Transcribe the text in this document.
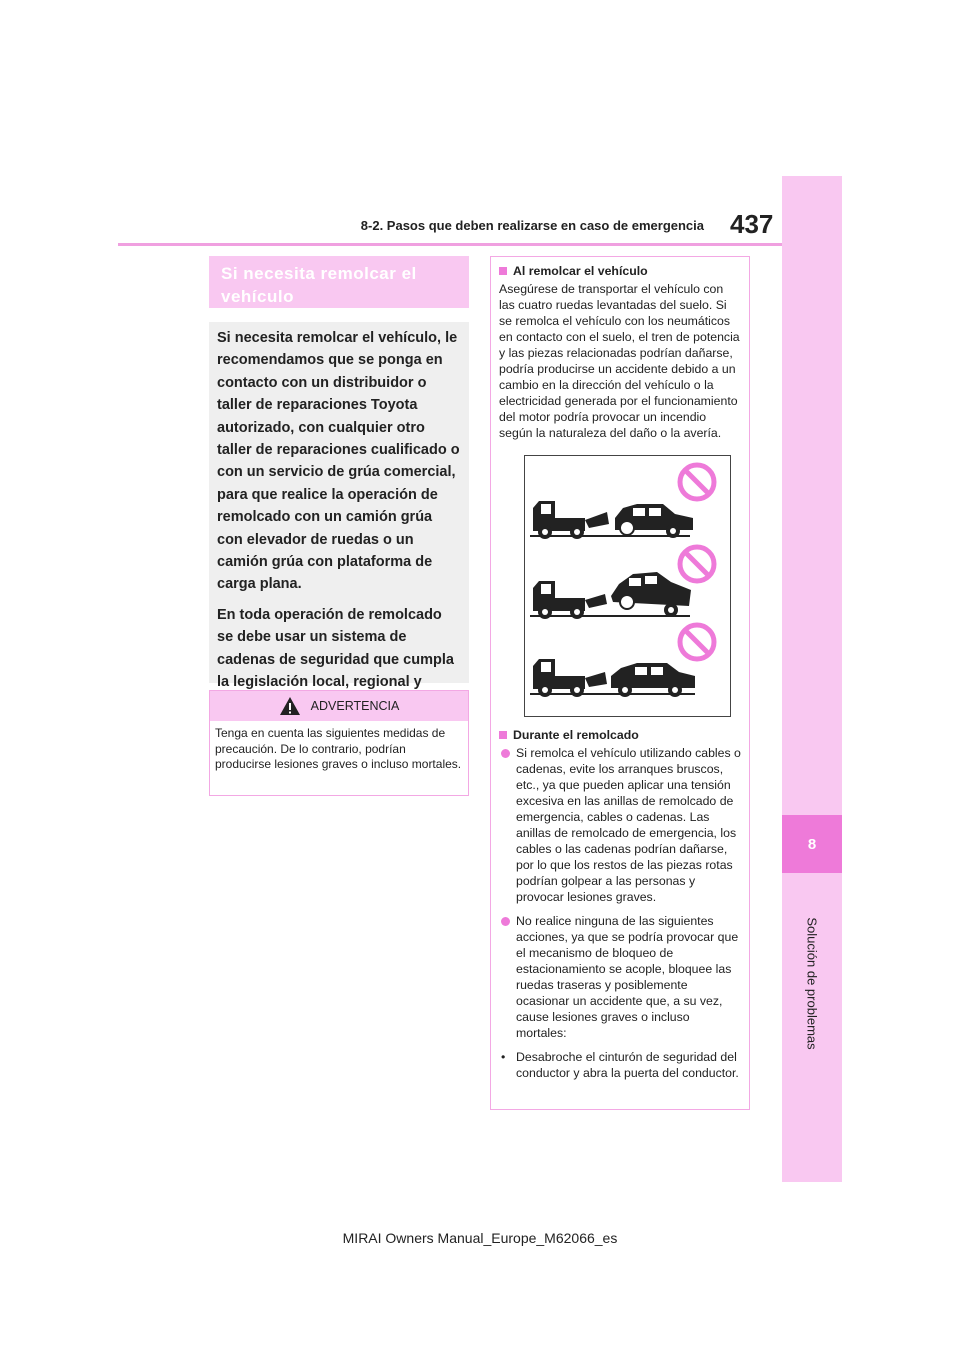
8
Solución de problemas
8-2. Pasos que deben realizarse en caso de emergencia 437
Si necesita remolcar el vehículo

Si necesita remolcar el vehículo, le recomendamos que se ponga en contacto con un distribuidor o taller de reparaciones Toyota autorizado, con cualquier otro taller de reparaciones cualificado o con un servicio de grúa comercial, para que realice la operación de remolcado con un camión grúa con elevador de ruedas o un camión grúa con plataforma de carga plana.

En toda operación de remolcado se debe usar un sistema de cadenas de seguridad que cumpla la legislación local, regional y

ADVERTENCIA
Tenga en cuenta las siguientes medidas de precaución. De lo contrario, podrían producirse lesiones graves o incluso mortales.
Al remolcar el vehículo
Asegúrese de transportar el vehículo con las cuatro ruedas levantadas del suelo. Si se remolca el vehículo con los neumáticos en contacto con el suelo, el tren de potencia y las piezas relacionadas podrían dañarse, podría producirse un accidente debido a un cambio en la dirección del vehículo o la electricidad generada por el funcionamiento del motor podría provocar un incendio según la naturaleza del daño o la avería.
Durante el remolcado
Si remolca el vehículo utilizando cables o cadenas, evite los arranques bruscos, etc., ya que pueden aplicar una tensión excesiva en las anillas de remolcado de emergencia, cables o cadenas. Las anillas de remolcado de emergencia, los cables o las cadenas podrían dañarse, por lo que los restos de las piezas rotas podrían golpear a las personas y provocar lesiones graves.
No realice ninguna de las siguientes acciones, ya que se podría provocar que el mecanismo de bloqueo de estacionamiento se acople, bloquee las ruedas traseras y posiblemente ocasionar un accidente que, a su vez, cause lesiones graves o incluso mortales:
• Desabroche el cinturón de seguridad del conductor y abra la puerta del conductor.
MIRAI Owners Manual_Europe_M62066_es
